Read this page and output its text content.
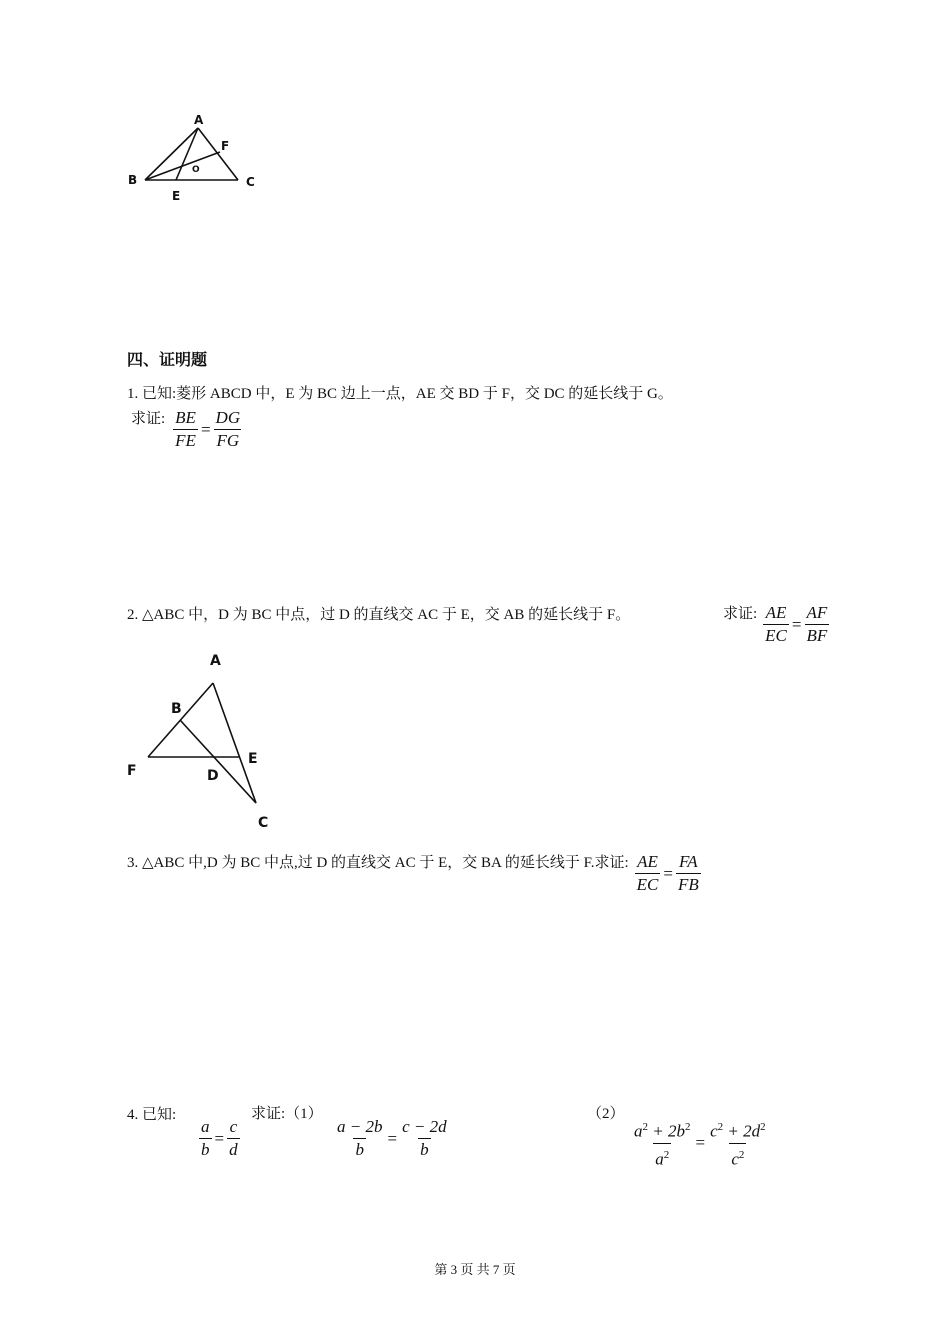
A
F
O
B	C
E
四、证明题
1. 已知:菱形 ABCD 中，E 为 BC 边上一点，AE 交 BD 于 F，交 DC 的延长线于 G。
求证: $\frac{BE}{FE} = \frac{DG}{FG}$
2. △ABC 中，D 为 BC 中点，过 D 的直线交 AC 于 E，交 AB 的延长线于 F。	求证: $\frac{AE}{EC} = \frac{AF}{BF}$
A
B
E
F	D
C
3. △ABC 中,D 为 BC 中点,过 D 的直线交 AC 于 E，交 BA 的延长线于 F.求证: $\frac{AE}{EC} = \frac{FA}{FB}$
4. 已知:
$\frac{a}{b} = \frac{c}{d}$
求证:（1）
$\frac{a - 2b}{b} = \frac{c - 2d}{b}$
（2）
$\frac{a^2 + 2b^2}{a^2} = \frac{c^2 + 2d^2}{c^2}$
第 3 页 共 7 页
